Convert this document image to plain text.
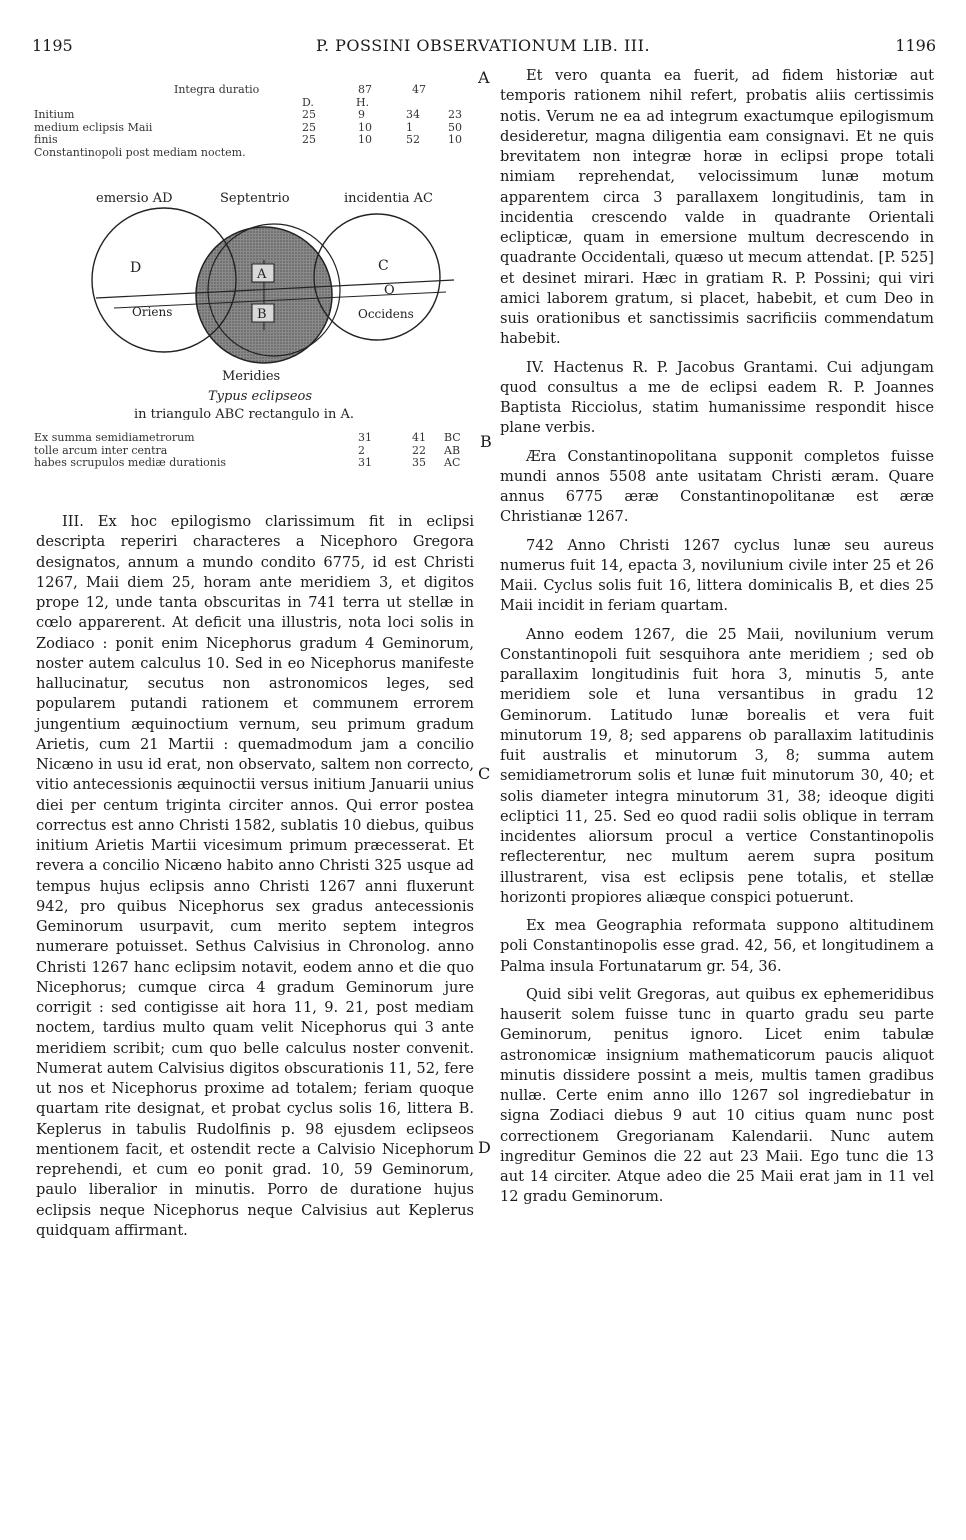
1195	P. POSSINI OBSERVATIONUM LIB. III.	1196
A
B
C
D
Integra duratio	87	47
D.	H.
Initium	25	9	34	23
medium eclipsis Maii	25	10	1	50
finis	25	10	52	10
Constantinopoli post mediam noctem.
emersio AD	Septentrio	incidentia AC
D	C
O
A
B
Oriens	Occidens
Meridies
Typus eclipseos
in triangulo ABC rectangulo in A.
Ex summa semidiametrorum	31	41 BC
tolle arcum inter centra	2	22 AB
habes scrupulos mediæ durationis	31	35 AC

III. Ex hoc epilogismo clarissimum fit in eclipsi descripta reperiri characteres a Nicephoro Gregora designatos, annum a mundo condito 6775, id est Christi 1267, Maii diem 25, horam ante meridiem 3, et digitos prope 12, unde tanta obscuritas in 741 terra ut stellæ in cœlo apparerent. At deficit una illustris, nota loci solis in Zodiaco : ponit enim Nicephorus gradum 4 Geminorum, noster autem calculus 10. Sed in eo Nicephorus manifeste hallucinatur, secutus non astronomicos leges, sed popularem putandi rationem et communem errorem jungentium æquinoctium vernum, seu primum gradum Arietis, cum 21 Martii : quemadmodum jam a concilio Nicæno in usu id erat, non observato, saltem non correcto, vitio antecessionis æquinoctii versus initium Januarii unius diei per centum triginta circiter annos. Qui error postea correctus est anno Christi 1582, sublatis 10 diebus, quibus initium Arietis Martii vicesimum primum præcesserat. Et revera a concilio Nicæno habito anno Christi 325 usque ad tempus hujus eclipsis anno Christi 1267 anni fluxerunt 942, pro quibus Nicephorus sex gradus antecessionis Geminorum usurpavit, cum merito septem integros numerare potuisset. Sethus Calvisius in Chronolog. anno Christi 1267 hanc eclipsim notavit, eodem anno et die quo Nicephorus; cumque circa 4 gradum Geminorum jure corrigit : sed contigisse ait hora 11, 9. 21, post mediam noctem, tardius multo quam velit Nicephorus qui 3 ante meridiem scribit; cum quo belle calculus noster convenit. Numerat autem Calvisius digitos obscurationis 11, 52, fere ut nos et Nicephorus proxime ad totalem; feriam quoque quartam rite designat, et probat cyclus solis 16, littera B. Keplerus in tabulis Rudolfinis p. 98 ejusdem eclipseos mentionem facit, et ostendit recte a Calvisio Nicephorum reprehendi, et cum eo ponit grad. 10, 59 Geminorum, paulo liberalior in minutis. Porro de duratione hujus eclipsis neque Nicephorus neque Calvisius aut Keplerus quidquam affirmant.

Et vero quanta ea fuerit, ad fidem historiæ aut temporis rationem nihil refert, probatis aliis certissimis notis. Verum ne ea ad integrum exactumque epilogismum desideretur, magna diligentia eam consignavi. Et ne quis brevitatem non integræ horæ in eclipsi prope totali nimiam reprehendat, velocissimum lunæ motum apparentem circa 3 parallaxem longitudinis, tam in incidentia crescendo valde in quadrante Orientali eclipticæ, quam in emersione multum decrescendo in quadrante Occidentali, quæso ut mecum attendat. [P. 525] et desinet mirari. Hæc in gratiam R. P. Possini; qui viri amici laborem gratum, si placet, habebit, et cum Deo in suis orationibus et sanctissimis sacrificiis commendatum habebit.

IV. Hactenus R. P. Jacobus Grantami. Cui adjungam quod consultus a me de eclipsi eadem R. P. Joannes Baptista Ricciolus, statim humanissime respondit hisce plane verbis.

Æra Constantinopolitana supponit completos fuisse mundi annos 5508 ante usitatam Christi æram. Quare annus 6775 æræ Constantinopolitanæ est æræ Christianæ 1267.

742 Anno Christi 1267 cyclus lunæ seu aureus numerus fuit 14, epacta 3, novilunium civile inter 25 et 26 Maii. Cyclus solis fuit 16, littera dominicalis B, et dies 25 Maii incidit in feriam quartam.

Anno eodem 1267, die 25 Maii, novilunium verum Constantinopoli fuit sesquihora ante meridiem ; sed ob parallaxim longitudinis fuit hora 3, minutis 5, ante meridiem sole et luna versantibus in gradu 12 Geminorum. Latitudo lunæ borealis et vera fuit minutorum 19, 8; sed apparens ob parallaxim latitudinis fuit australis et minutorum 3, 8; summa autem semidiametrorum solis et lunæ fuit minutorum 30, 40; et solis diameter integra minutorum 31, 38; ideoque digiti ecliptici 11, 25. Sed eo quod radii solis oblique in terram incidentes aliorsum procul a vertice Constantinopolis reflecterentur, nec multum aerem supra positum illustrarent, visa est eclipsis pene totalis, et stellæ horizonti propiores aliæque conspici potuerunt.

Ex mea Geographia reformata suppono altitudinem poli Constantinopolis esse grad. 42, 56, et longitudinem a Palma insula Fortunatarum gr. 54, 36.

Quid sibi velit Gregoras, aut quibus ex ephemeridibus hauserit solem fuisse tunc in quarto gradu seu parte Geminorum, penitus ignoro. Licet enim tabulæ astronomicæ insignium mathematicorum paucis aliquot minutis dissidere possint a meis, multis tamen gradibus nullæ. Certe enim anno illo 1267 sol ingrediebatur in signa Zodiaci diebus 9 aut 10 citius quam nunc post correctionem Gregorianam Kalendarii. Nunc autem ingreditur Geminos die 22 aut 23 Maii. Ego tunc die 13 aut 14 circiter. Atque adeo die 25 Maii erat jam in 11 vel 12 gradu Geminorum.
